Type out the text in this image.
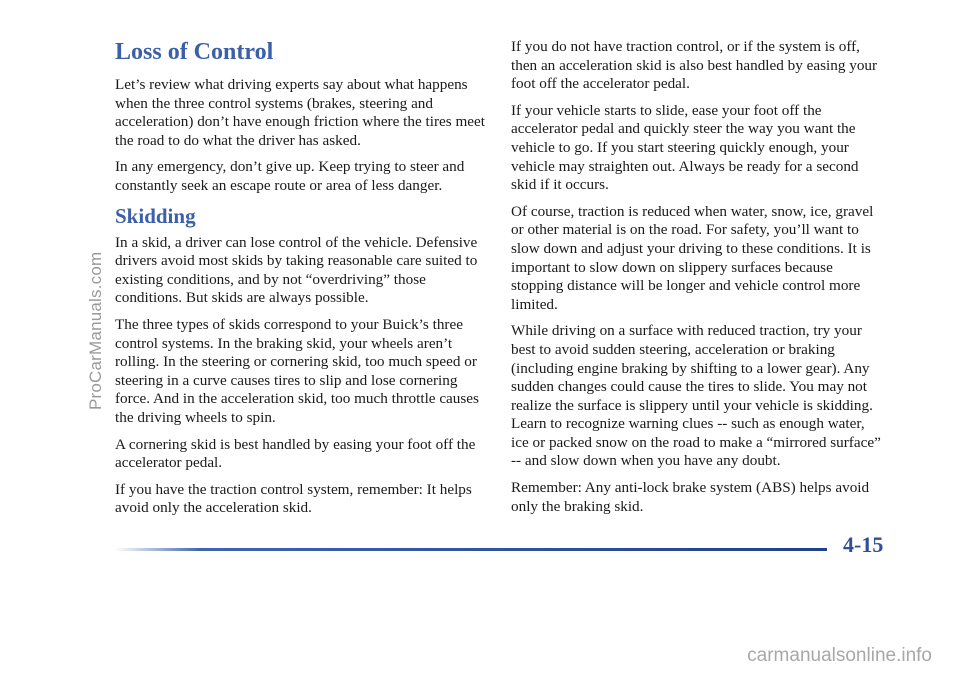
Loss of Control

Let’s review what driving experts say about what happens when the three control systems (brakes, steering and acceleration) don’t have enough friction where the tires meet the road to do what the driver has asked.

In any emergency, don’t give up. Keep trying to steer and constantly seek an escape route or area of less danger.

Skidding

In a skid, a driver can lose control of the vehicle. Defensive drivers avoid most skids by taking reasonable care suited to existing conditions, and by not “overdriving” those conditions. But skids are always possible.

The three types of skids correspond to your Buick’s three control systems. In the braking skid, your wheels aren’t rolling. In the steering or cornering skid, too much speed or steering in a curve causes tires to slip and lose cornering force. And in the acceleration skid, too much throttle causes the driving wheels to spin.

A cornering skid is best handled by easing your foot off the accelerator pedal.

If you have the traction control system, remember: It helps avoid only the acceleration skid.

If you do not have traction control, or if the system is off, then an acceleration skid is also best handled by easing your foot off the accelerator pedal.

If your vehicle starts to slide, ease your foot off the accelerator pedal and quickly steer the way you want the vehicle to go. If you start steering quickly enough, your vehicle may straighten out. Always be ready for a second skid if it occurs.

Of course, traction is reduced when water, snow, ice, gravel or other material is on the road. For safety, you’ll want to slow down and adjust your driving to these conditions. It is important to slow down on slippery surfaces because stopping distance will be longer and vehicle control more limited.

While driving on a surface with reduced traction, try your best to avoid sudden steering, acceleration or braking (including engine braking by shifting to a lower gear). Any sudden changes could cause the tires to slide. You may not realize the surface is slippery until your vehicle is skidding. Learn to recognize warning clues -- such as enough water, ice or packed snow on the road to make a “mirrored surface” -- and slow down when you have any doubt.

Remember: Any anti-lock brake system (ABS) helps avoid only the braking skid.

4-15
ProCarManuals.com
carmanualsonline.info
